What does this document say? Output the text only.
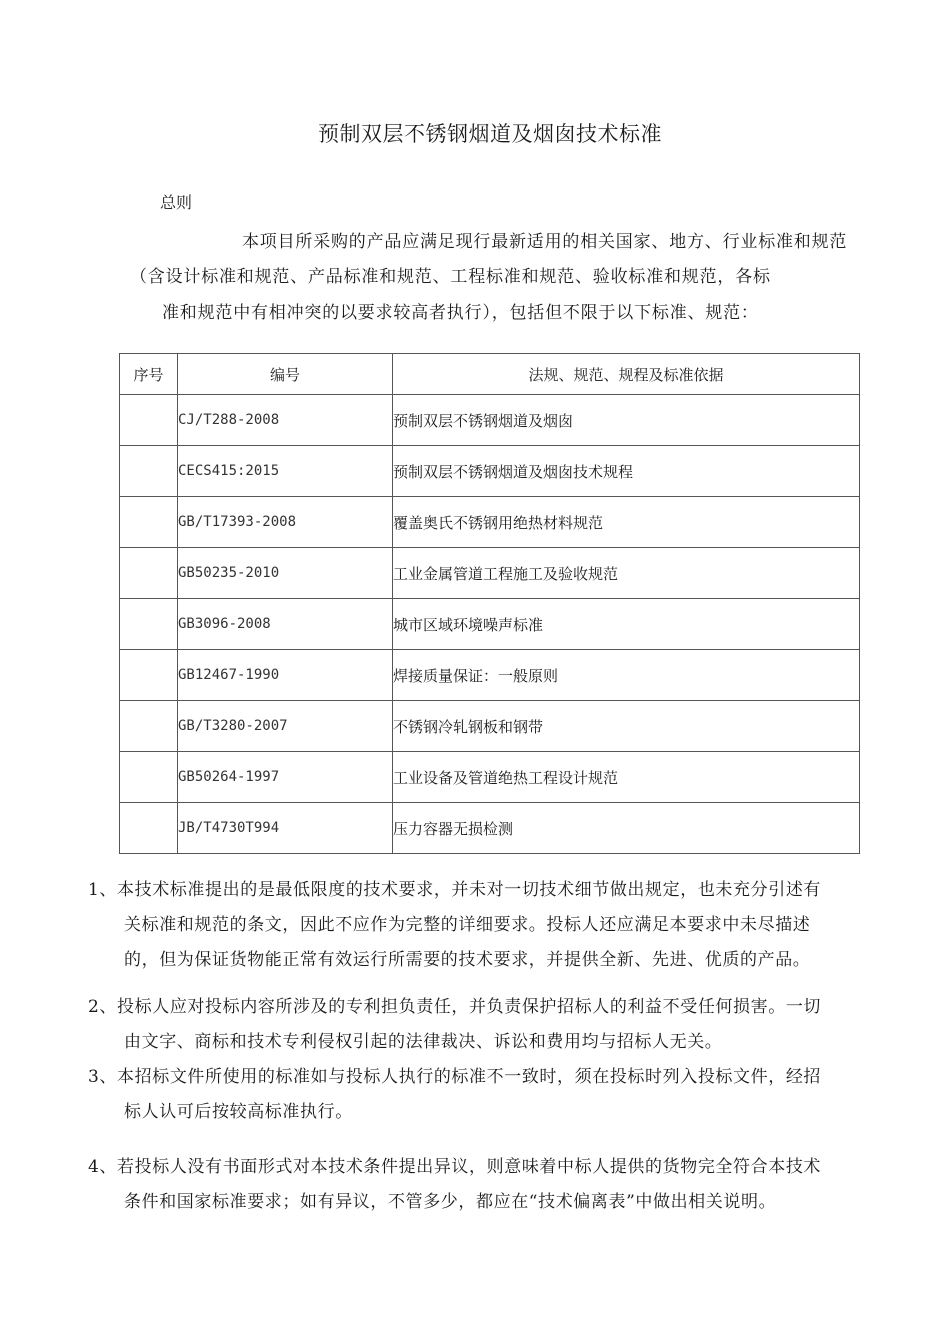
预制双层不锈钢烟道及烟囱技术标准
总则
本项目所采购的产品应满足现行最新适用的相关国家、地方、行业标准和规范
（含设计标准和规范、产品标准和规范、工程标准和规范、验收标准和规范，各标
准和规范中有相冲突的以要求较高者执行），包括但不限于以下标准、规范：
序号	编号	法规、规范、规程及标准依据
	CJ/T288-2008	预制双层不锈钢烟道及烟囱
	CECS415:2015	预制双层不锈钢烟道及烟囱技术规程
	GB/T17393-2008	覆盖奥氏不锈钢用绝热材料规范
	GB50235-2010	工业金属管道工程施工及验收规范
	GB3096-2008	城市区域环境噪声标准
	GB12467-1990	焊接质量保证：一般原则
	GB/T3280-2007	不锈钢冷轧钢板和钢带
	GB50264-1997	工业设备及管道绝热工程设计规范
	JB/T4730T994	压力容器无损检测
1、本技术标准提出的是最低限度的技术要求，并未对一切技术细节做出规定，也未充分引述有
关标准和规范的条文，因此不应作为完整的详细要求。投标人还应满足本要求中未尽描述
的，但为保证货物能正常有效运行所需要的技术要求，并提供全新、先进、优质的产品。
2、投标人应对投标内容所涉及的专利担负责任，并负责保护招标人的利益不受任何损害。一切
由文字、商标和技术专利侵权引起的法律裁决、诉讼和费用均与招标人无关。
3、本招标文件所使用的标准如与投标人执行的标准不一致时，须在投标时列入投标文件，经招
标人认可后按较高标准执行。
4、若投标人没有书面形式对本技术条件提出异议，则意味着中标人提供的货物完全符合本技术
条件和国家标准要求；如有异议，不管多少，都应在“技术偏离表”中做出相关说明。
